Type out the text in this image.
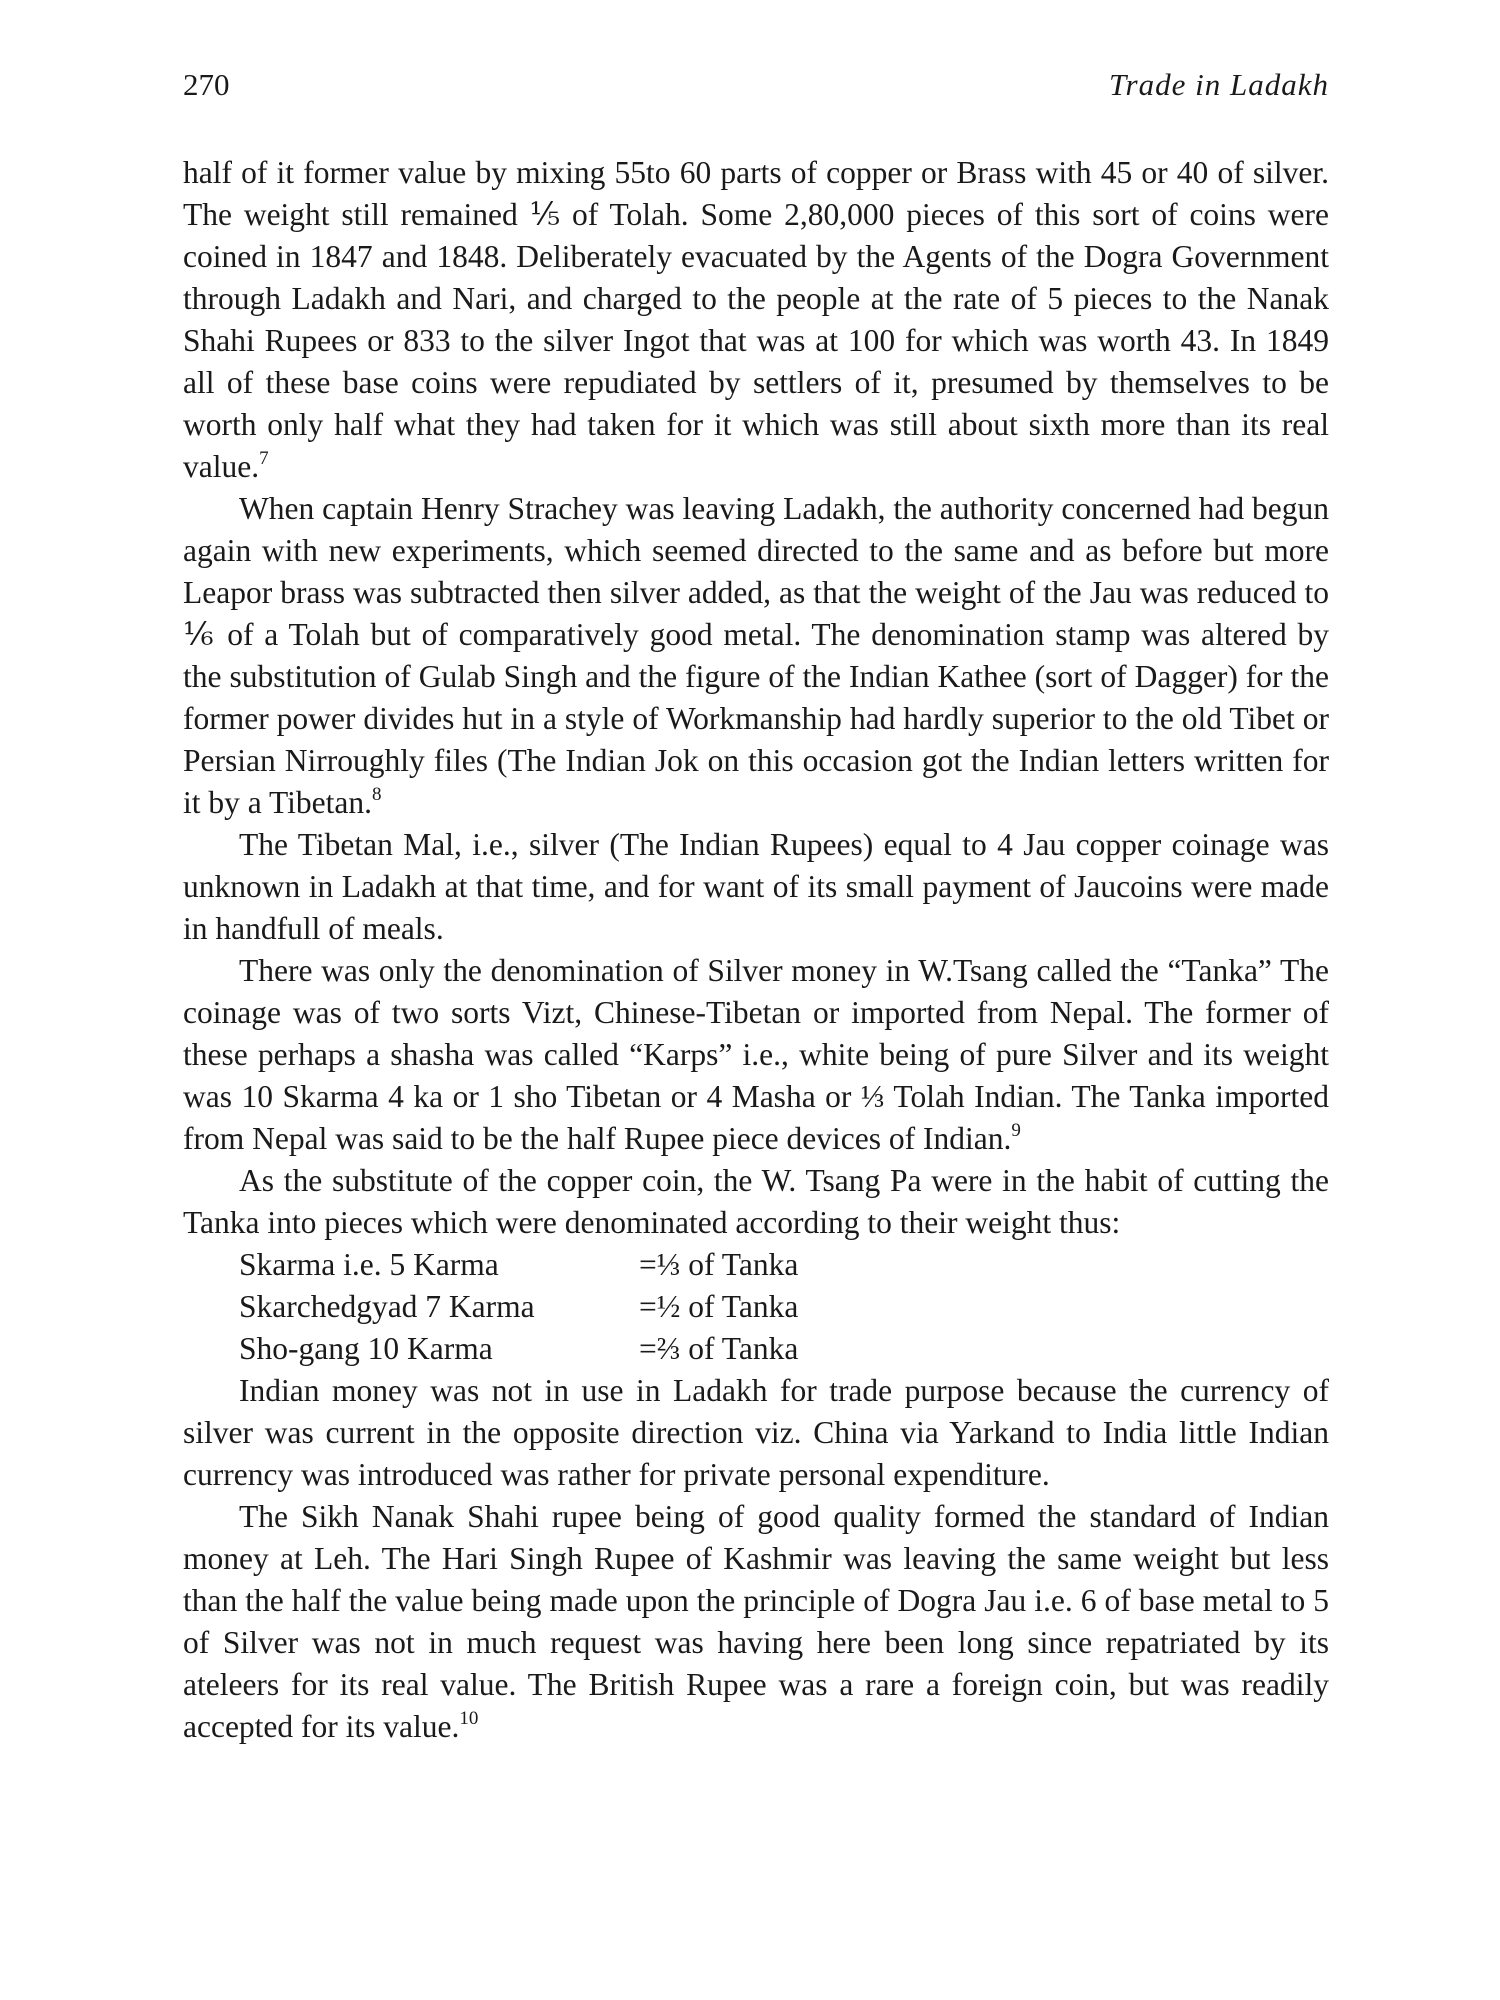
270	Trade in Ladakh

half of it former value by mixing 55to 60 parts of copper or Brass with 45 or 40 of silver. The weight still remained ⅕ of Tolah. Some 2,80,000 pieces of this sort of coins were coined in 1847 and 1848. Deliberately evacuated by the Agents of the Dogra Government through Ladakh and Nari, and charged to the people at the rate of 5 pieces to the Nanak Shahi Rupees or 833 to the silver Ingot that was at 100 for which was worth 43. In 1849 all of these base coins were repudiated by settlers of it, presumed by themselves to be worth only half what they had taken for it which was still about sixth more than its real value.$^7$

When captain Henry Strachey was leaving Ladakh, the authority concerned had begun again with new experiments, which seemed directed to the same and as before but more Leapor brass was subtracted then silver added, as that the weight of the Jau was reduced to ⅙ of a Tolah but of comparatively good metal. The denomination stamp was altered by the substitution of Gulab Singh and the figure of the Indian Kathee (sort of Dagger) for the former power divides hut in a style of Workmanship had hardly superior to the old Tibet or Persian Nirroughly files (The Indian Jok on this occasion got the Indian letters written for it by a Tibetan.$^8$

The Tibetan Mal, i.e., silver (The Indian Rupees) equal to 4 Jau copper coinage was unknown in Ladakh at that time, and for want of its small payment of Jaucoins were made in handfull of meals.

There was only the denomination of Silver money in W.Tsang called the “Tanka” The coinage was of two sorts Vizt, Chinese-Tibetan or imported from Nepal. The former of these perhaps a shasha was called “Karps” i.e., white being of pure Silver and its weight was 10 Skarma 4 ka or 1 sho Tibetan or 4 Masha or ⅓ Tolah Indian. The Tanka imported from Nepal was said to be the half Rupee piece devices of Indian.$^9$

As the substitute of the copper coin, the W. Tsang Pa were in the habit of cutting the Tanka into pieces which were denominated according to their weight thus:

Skarma i.e. 5 Karma	=⅓ of Tanka
Skarchedgyad 7 Karma	=½ of Tanka
Sho-gang 10 Karma	=⅔ of Tanka

Indian money was not in use in Ladakh for trade purpose because the currency of silver was current in the opposite direction viz. China via Yarkand to India little Indian currency was introduced was rather for private personal expenditure.

The Sikh Nanak Shahi rupee being of good quality formed the standard of Indian money at Leh. The Hari Singh Rupee of Kashmir was leaving the same weight but less than the half the value being made upon the principle of Dogra Jau i.e. 6 of base metal to 5 of Silver was not in much request was having here been long since repatriated by its ateleers for its real value. The British Rupee was a rare a foreign coin, but was readily accepted for its value.$^{10}$
